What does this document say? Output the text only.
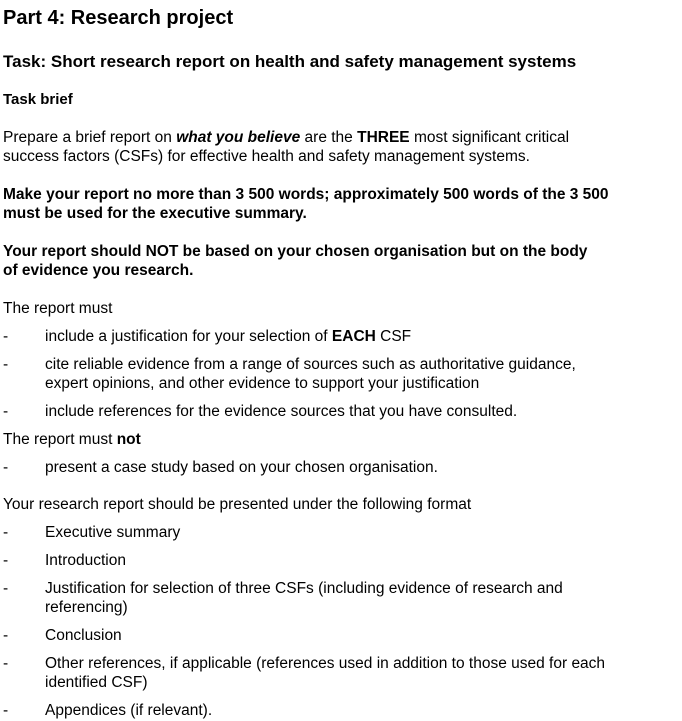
Part 4: Research project
Task: Short research report on health and safety management systems
Task brief
Prepare a brief report on what you believe are the THREE most significant critical
success factors (CSFs) for effective health and safety management systems.
Make your report no more than 3 500 words; approximately 500 words of the 3 500
must be used for the executive summary.
Your report should NOT be based on your chosen organisation but on the body
of evidence you research.
The report must
- include a justification for your selection of EACH CSF
- cite reliable evidence from a range of sources such as authoritative guidance,
expert opinions, and other evidence to support your justification
- include references for the evidence sources that you have consulted.
The report must not
- present a case study based on your chosen organisation.
Your research report should be presented under the following format
- Executive summary
- Introduction
- Justification for selection of three CSFs (including evidence of research and
referencing)
- Conclusion
- Other references, if applicable (references used in addition to those used for each
identified CSF)
- Appendices (if relevant).
